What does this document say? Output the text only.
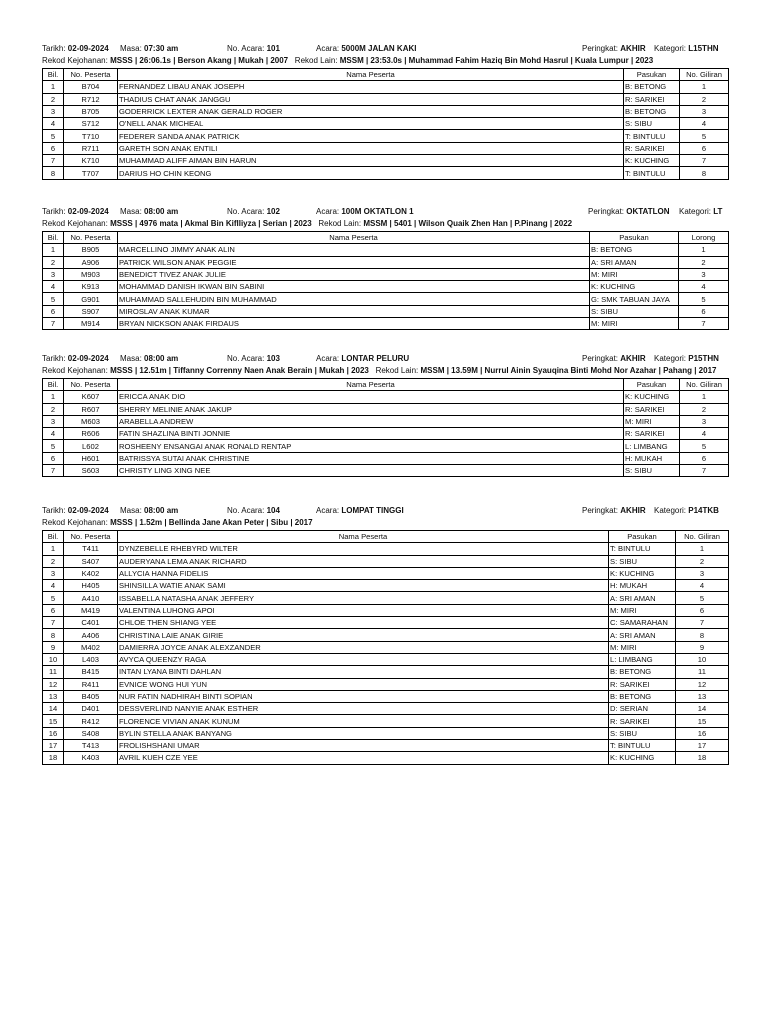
Tarikh: 02-09-2024 Masa: 07:30 am	No. Acara: 101	Acara: 5000M JALAN KAKI	Peringkat: AKHIR Kategori: L15THN
Rekod Kejohanan: MSSS | 26:06.1s | Berson Akang | Mukah | 2007 Rekod Lain: MSSM | 23:53.0s | Muhammad Fahim Haziq Bin Mohd Hasrul | Kuala Lumpur | 2023
Bil.	No. Peserta	Nama Peserta	Pasukan	No. Giliran
1	B704	FERNANDEZ LIBAU ANAK JOSEPH	B: BETONG	1
2	R712	THADIUS CHAT ANAK JANGGU	R: SARIKEI	2
3	B705	GODERRICK LEXTER ANAK GERALD ROGER	B: BETONG	3
4	S712	O'NELL ANAK MICHEAL	S: SIBU	4
5	T710	FEDERER SANDA ANAK PATRICK	T: BINTULU	5
6	R711	GARETH SON ANAK ENTILI	R: SARIKEI	6
7	K710	MUHAMMAD ALIFF AIMAN BIN HARUN	K: KUCHING	7
8	T707	DARIUS HO CHIN KEONG	T: BINTULU	8
Tarikh: 02-09-2024 Masa: 08:00 am	No. Acara: 102	Acara: 100M OKTATLON 1	Peringkat: OKTATLON Kategori: LT
Rekod Kejohanan: MSSS | 4976 mata | Akmal Bin Kiflliyza | Serian | 2023 Rekod Lain: MSSM | 5401 | Wilson Quaik Zhen Han | P.Pinang | 2022
Bil.	No. Peserta	Nama Peserta	Pasukan	Lorong
1	B905	MARCELLINO JIMMY ANAK ALIN	B: BETONG	1
2	A906	PATRICK WILSON ANAK PEGGIE	A: SRI AMAN	2
3	M903	BENEDICT TIVEZ ANAK JULIE	M: MIRI	3
4	K913	MOHAMMAD DANISH IKWAN BIN SABINI	K: KUCHING	4
5	G901	MUHAMMAD SALLEHUDIN BIN MUHAMMAD	G: SMK TABUAN JAYA	5
6	S907	MIROSLAV ANAK KUMAR	S: SIBU	6
7	M914	BRYAN NICKSON ANAK FIRDAUS	M: MIRI	7
Tarikh: 02-09-2024 Masa: 08:00 am	No. Acara: 103	Acara: LONTAR PELURU	Peringkat: AKHIR Kategori: P15THN
Rekod Kejohanan: MSSS | 12.51m | Tiffanny Correnny Naen Anak Berain | Mukah | 2023 Rekod Lain: MSSM | 13.59M | Nurrul Ainin Syauqina Binti Mohd Nor Azahar | Pahang | 2017
Bil.	No. Peserta	Nama Peserta	Pasukan	No. Giliran
1	K607	ERICCA ANAK DIO	K: KUCHING	1
2	R607	SHERRY MELINIE ANAK JAKUP	R: SARIKEI	2
3	M603	ARABELLA ANDREW	M: MIRI	3
4	R606	FATIN SHAZLINA BINTI JONNIE	R: SARIKEI	4
5	L602	ROSHEENY ENSANGAI ANAK RONALD RENTAP	L: LIMBANG	5
6	H601	BATRISSYA SUTAI ANAK CHRISTINE	H: MUKAH	6
7	S603	CHRISTY LING XING NEE	S: SIBU	7
Tarikh: 02-09-2024 Masa: 08:00 am	No. Acara: 104	Acara: LOMPAT TINGGI	Peringkat: AKHIR Kategori: P14TKB
Rekod Kejohanan: MSSS | 1.52m | Bellinda Jane Akan Peter | Sibu | 2017
Bil.	No. Peserta	Nama Peserta	Pasukan	No. Giliran
1	T411	DYNZEBELLE RHEBYRD WILTER	T: BINTULU	1
2	S407	AUDERYANA LEMA ANAK RICHARD	S: SIBU	2
3	K402	ALLYCIA HANNA FIDELIS	K: KUCHING	3
4	H405	SHINSILLA WATIE ANAK SAMI	H: MUKAH	4
5	A410	ISSABELLA NATASHA ANAK JEFFERY	A: SRI AMAN	5
6	M419	VALENTINA LUHONG APOI	M: MIRI	6
7	C401	CHLOE THEN SHIANG YEE	C: SAMARAHAN	7
8	A406	CHRISTINA LAIE ANAK GIRIE	A: SRI AMAN	8
9	M402	DAMIERRA JOYCE ANAK ALEXZANDER	M: MIRI	9
10	L403	AVYCA QUEENZY RAGA	L: LIMBANG	10
11	B415	INTAN LYANA BINTI DAHLAN	B: BETONG	11
12	R411	EVNICE WONG HUI YUN	R: SARIKEI	12
13	B405	NUR FATIN NADHIRAH BINTI SOPIAN	B: BETONG	13
14	D401	DESSVERLIND NANYIE ANAK ESTHER	D: SERIAN	14
15	R412	FLORENCE VIVIAN ANAK KUNUM	R: SARIKEI	15
16	S408	BYLIN STELLA ANAK BANYANG	S: SIBU	16
17	T413	FROLISHSHANI UMAR	T: BINTULU	17
18	K403	AVRIL KUEH CZE YEE	K: KUCHING	18
